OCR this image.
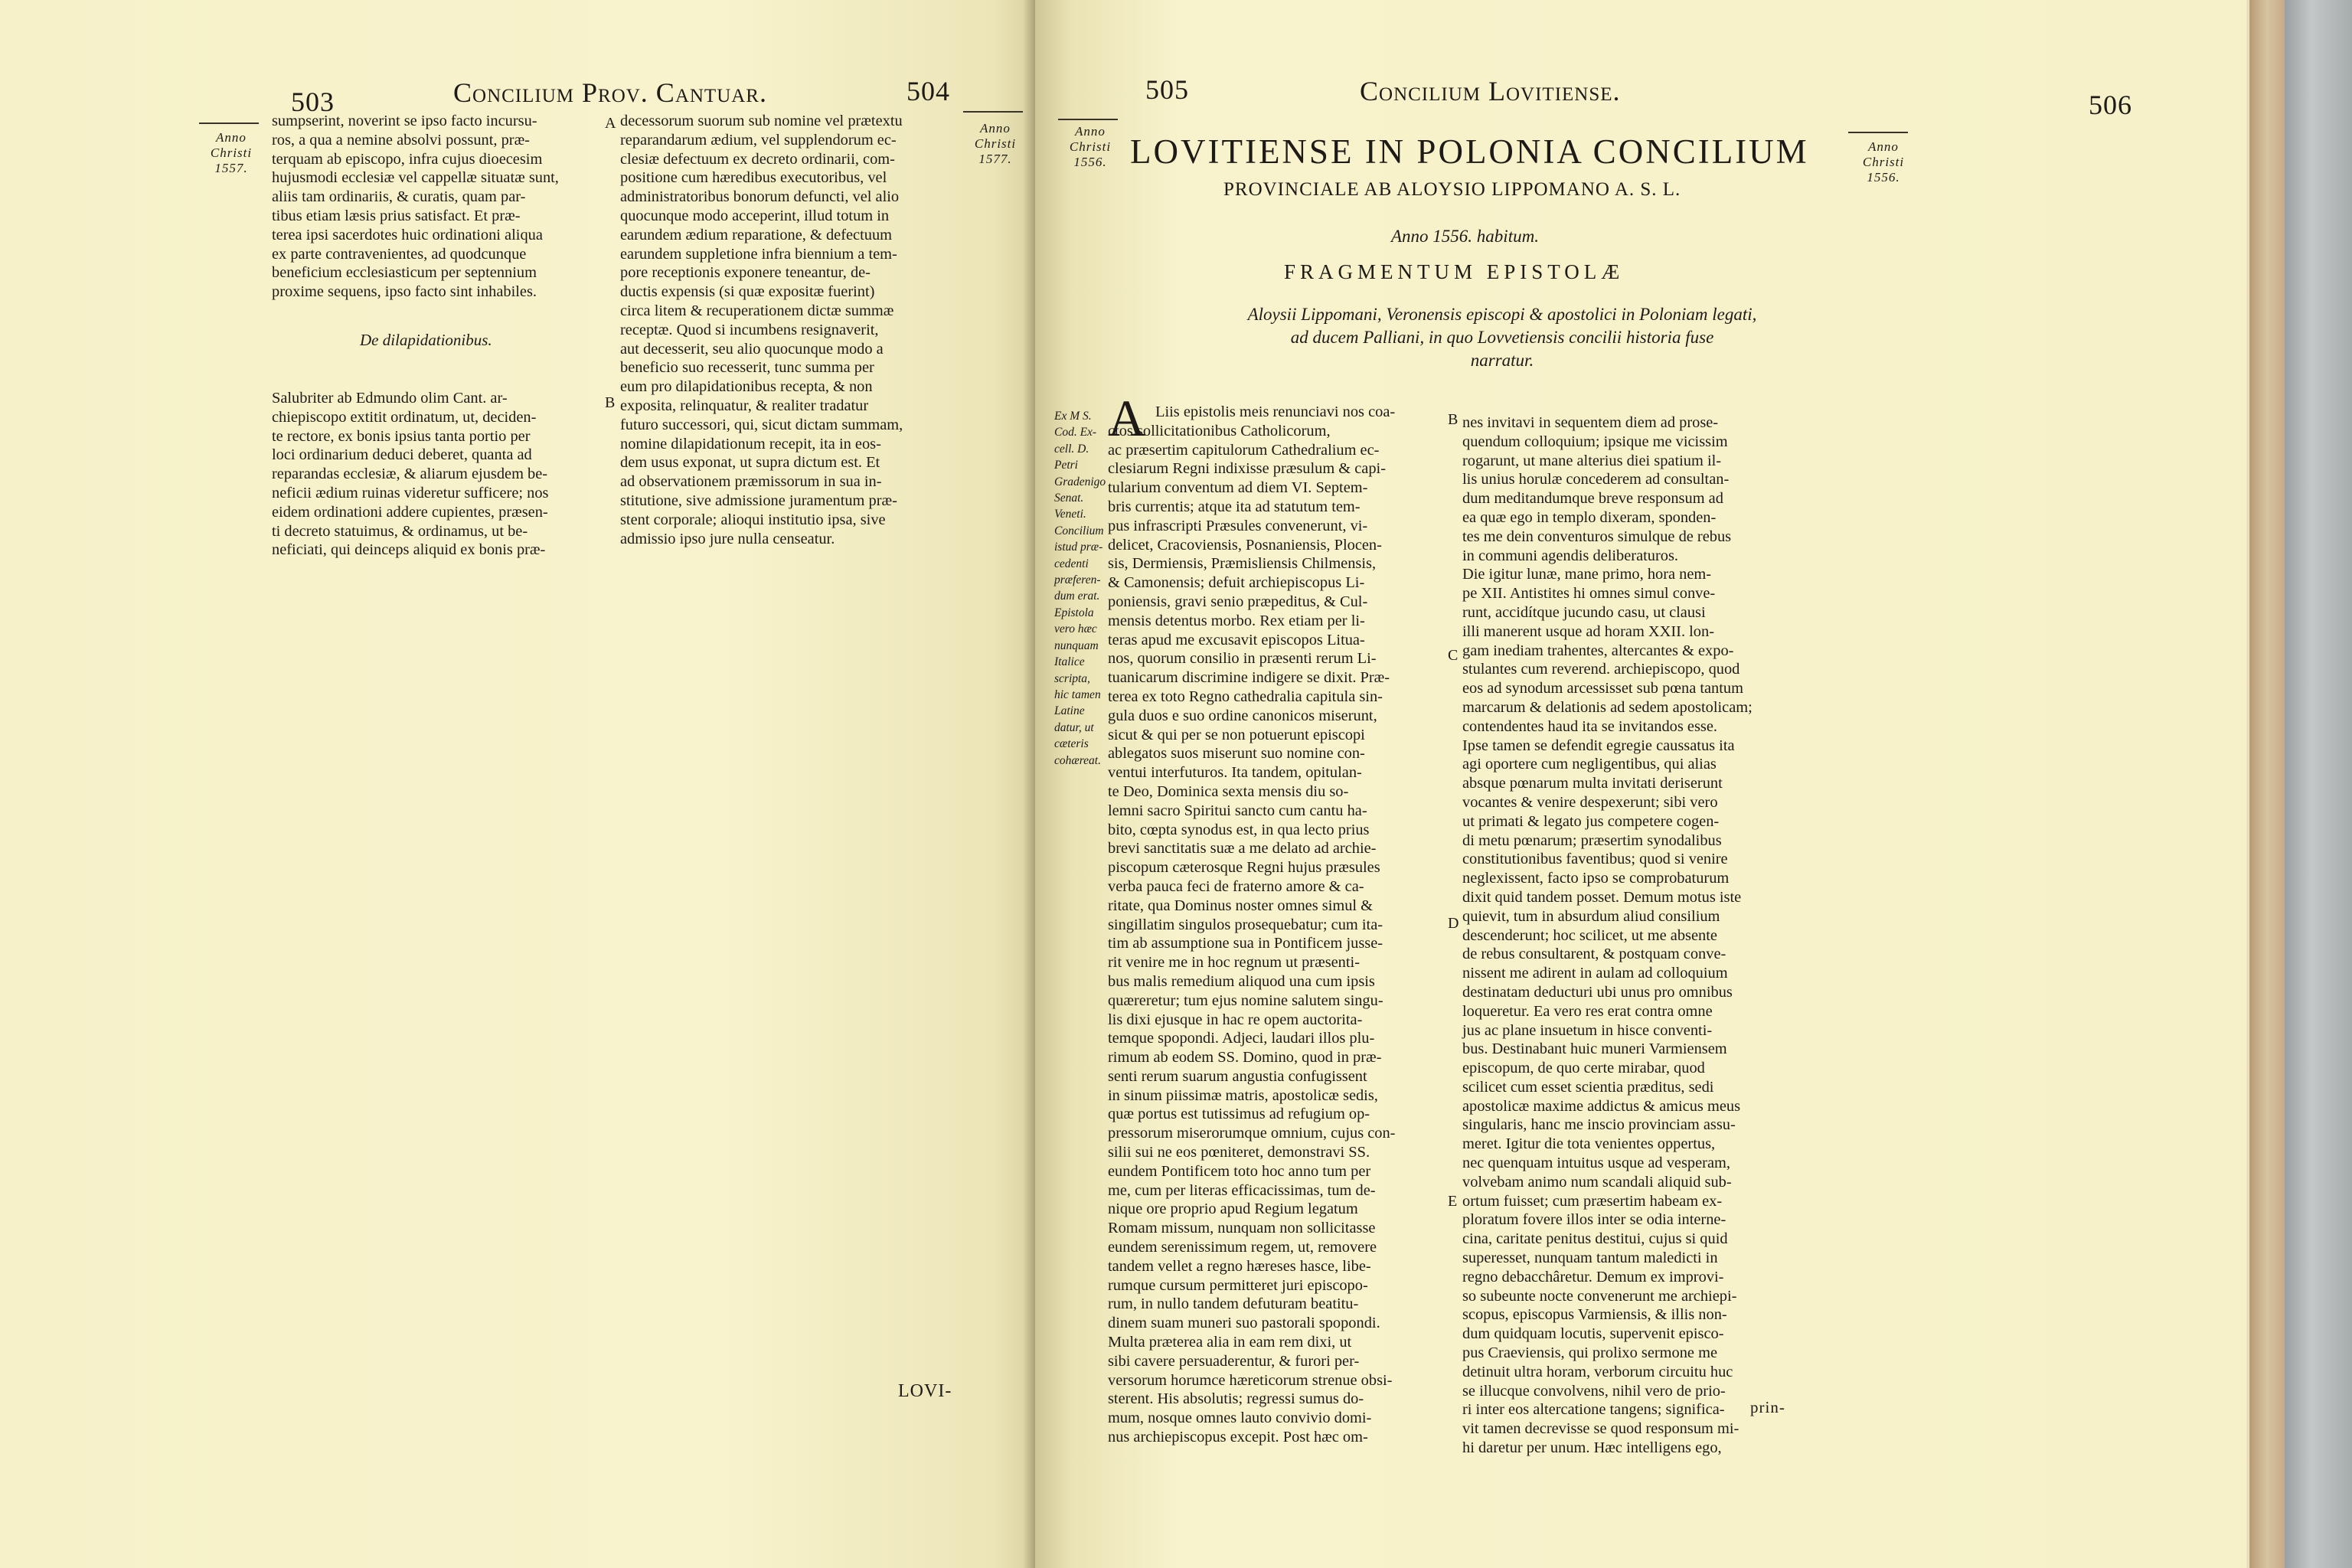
503	Concilium Prov. Cantuar.	504
Anno
Christi
1557.
Anno
Christi
1577.
sumpserint, noverint se ipso facto incursu-
ros, a qua a nemine absolvi possunt, præ-
terquam ab episcopo, infra cujus dioecesim
hujusmodi ecclesiæ vel cappellæ situatæ sunt,
aliis tam ordinariis, & curatis, quam par-
tibus etiam læsis prius satisfact. Et præ-
terea ipsi sacerdotes huic ordinationi aliqua
ex parte contravenientes, ad quodcunque
beneficium ecclesiasticum per septennium
proxime sequens, ipso facto sint inhabiles.
De dilapidationibus.
Salubriter ab Edmundo olim Cant. ar-
chiepiscopo extitit ordinatum, ut, deciden-
te rectore, ex bonis ipsius tanta portio per
loci ordinarium deduci deberet, quanta ad
reparandas ecclesiæ, & aliarum ejusdem be-
neficii ædium ruinas videretur sufficere; nos
eidem ordinationi addere cupientes, præsen-
ti decreto statuimus, & ordinamus, ut be-
neficiati, qui deinceps aliquid ex bonis præ-
A
B
decessorum suorum sub nomine vel prætextu
reparandarum ædium, vel supplendorum ec-
clesiæ defectuum ex decreto ordinarii, com-
positione cum hæredibus executoribus, vel
administratoribus bonorum defuncti, vel alio
quocunque modo acceperint, illud totum in
earundem ædium reparatione, & defectuum
earundem suppletione infra biennium a tem-
pore receptionis exponere teneantur, de-
ductis expensis (si quæ expositæ fuerint)
circa litem & recuperationem dictæ summæ
receptæ. Quod si incumbens resignaverit,
aut decesserit, seu alio quocunque modo a
beneficio suo recesserit, tunc summa per
eum pro dilapidationibus recepta, & non
exposita, relinquatur, & realiter tradatur
futuro successori, qui, sicut dictam summam,
nomine dilapidationum recepit, ita in eos-
dem usus exponat, ut supra dictum est. Et
ad observationem præmissorum in sua in-
stitutione, sive admissione juramentum præ-
stent corporale; alioqui institutio ipsa, sive
admissio ipso jure nulla censeatur.
LOVI-
505	Concilium Lovitiense.	506
Anno
Christi
1556.
Anno
Christi
1556.
LOVITIENSE IN POLONIA CONCILIUM
PROVINCIALE AB ALOYSIO LIPPOMANO A. S. L.
Anno 1556. habitum.
FRAGMENTUM EPISTOLÆ
Aloysii Lippomani, Veronensis episcopi & apostolici in Poloniam legati,
ad ducem Palliani, in quo Lovvetiensis concilii historia fuse
narratur.
Ex M S.
Cod. Ex-
cell. D.
Petri
Gradenigo
Senat.
Veneti.
Concilium
istud præ-
cedenti
præferen-
dum erat.
Epistola
vero hæc
nunquam
Italice
scripta,
hic tamen
Latine
datur, ut
cæteris
cohæreat.
A Liis epistolis meis renunciavi nos coa-
ctos sollicitationibus Catholicorum,
ac præsertim capitulorum Cathedralium ec-
clesiarum Regni indixisse præsulum & capi-
tularium conventum ad diem VI. Septem-
bris currentis; atque ita ad statutum tem-
pus infrascripti Præsules convenerunt, vi-
delicet, Cracoviensis, Posnaniensis, Plocen-
sis, Dermiensis, Præmisliensis Chilmensis,
& Camonensis; defuit archiepiscopus Li-
poniensis, gravi senio præpeditus, & Cul-
mensis detentus morbo. Rex etiam per li-
teras apud me excusavit episcopos Litua-
nos, quorum consilio in præsenti rerum Li-
tuanicarum discrimine indigere se dixit. Præ-
terea ex toto Regno cathedralia capitula sin-
gula duos e suo ordine canonicos miserunt,
sicut & qui per se non potuerunt episcopi
ablegatos suos miserunt suo nomine con-
ventui interfuturos. Ita tandem, opitulan-
te Deo, Dominica sexta mensis diu so-
lemni sacro Spiritui sancto cum cantu ha-
bito, cœpta synodus est, in qua lecto prius
brevi sanctitatis suæ a me delato ad archie-
piscopum cæterosque Regni hujus præsules
verba pauca feci de fraterno amore & ca-
ritate, qua Dominus noster omnes simul &
singillatim singulos prosequebatur; cum ita-
tim ab assumptione sua in Pontificem jusse-
rit venire me in hoc regnum ut præsenti-
bus malis remedium aliquod una cum ipsis
quæreretur; tum ejus nomine salutem singu-
lis dixi ejusque in hac re opem auctorita-
temque spopondi. Adjeci, laudari illos plu-
rimum ab eodem SS. Domino, quod in præ-
senti rerum suarum angustia confugissent
in sinum piissimæ matris, apostolicæ sedis,
quæ portus est tutissimus ad refugium op-
pressorum miserorumque omnium, cujus con-
silii sui ne eos pœniteret, demonstravi SS.
eundem Pontificem toto hoc anno tum per
me, cum per literas efficacissimas, tum de-
nique ore proprio apud Regium legatum
Romam missum, nunquam non sollicitasse
eundem serenissimum regem, ut, removere
tandem vellet a regno hæreses hasce, libe-
rumque cursum permitteret juri episcopo-
rum, in nullo tandem defuturam beatitu-
dinem suam muneri suo pastorali spopondi.
Multa præterea alia in eam rem dixi, ut
sibi cavere persuaderentur, & furori per-
versorum horumce hæreticorum strenue obsi-
sterent. His absolutis; regressi sumus do-
mum, nosque omnes lauto convivio domi-
nus archiepiscopus excepit. Post hæc om-
B
C
D
E
nes invitavi in sequentem diem ad prose-
quendum colloquium; ipsique me vicissim
rogarunt, ut mane alterius diei spatium il-
lis unius horulæ concederem ad consultan-
dum meditandumque breve responsum ad
ea quæ ego in templo dixeram, sponden-
tes me dein conventuros simulque de rebus
in communi agendis deliberaturos.
Die igitur lunæ, mane primo, hora nem-
pe XII. Antistites hi omnes simul conve-
runt, accidítque jucundo casu, ut clausi
illi manerent usque ad horam XXII. lon-
gam inediam trahentes, altercantes & expo-
stulantes cum reverend. archiepiscopo, quod
eos ad synodum arcessisset sub pœna tantum
marcarum & delationis ad sedem apostolicam;
contendentes haud ita se invitandos esse.
Ipse tamen se defendit egregie caussatus ita
agi oportere cum negligentibus, qui alias
absque pœnarum multa invitati deriserunt
vocantes & venire despexerunt; sibi vero
ut primati & legato jus competere cogen-
di metu pœnarum; præsertim synodalibus
constitutionibus faventibus; quod si venire
neglexissent, facto ipso se comprobaturum
dixit quid tandem posset. Demum motus iste
quievit, tum in absurdum aliud consilium
descenderunt; hoc scilicet, ut me absente
de rebus consultarent, & postquam conve-
nissent me adirent in aulam ad colloquium
destinatam deducturi ubi unus pro omnibus
loqueretur. Ea vero res erat contra omne
jus ac plane insuetum in hisce conventi-
bus. Destinabant huic muneri Varmiensem
episcopum, de quo certe mirabar, quod
scilicet cum esset scientia præditus, sedi
apostolicæ maxime addictus & amicus meus
singularis, hanc me inscio provinciam assu-
meret. Igitur die tota venientes oppertus,
nec quenquam intuitus usque ad vesperam,
volvebam animo num scandali aliquid sub-
ortum fuisset; cum præsertim habeam ex-
ploratum fovere illos inter se odia interne-
cina, caritate penitus destitui, cujus si quid
superesset, nunquam tantum maledicti in
regno debacchâretur. Demum ex improvi-
so subeunte nocte convenerunt me archiepi-
scopus, episcopus Varmiensis, & illis non-
dum quidquam locutis, supervenit episco-
pus Craeviensis, qui prolixo sermone me
detinuit ultra horam, verborum circuitu huc
se illucque convolvens, nihil vero de prio-
ri inter eos altercatione tangens; significa-
vit tamen decrevisse se quod responsum mi-
hi daretur per unum. Hæc intelligens ego,
prin-
